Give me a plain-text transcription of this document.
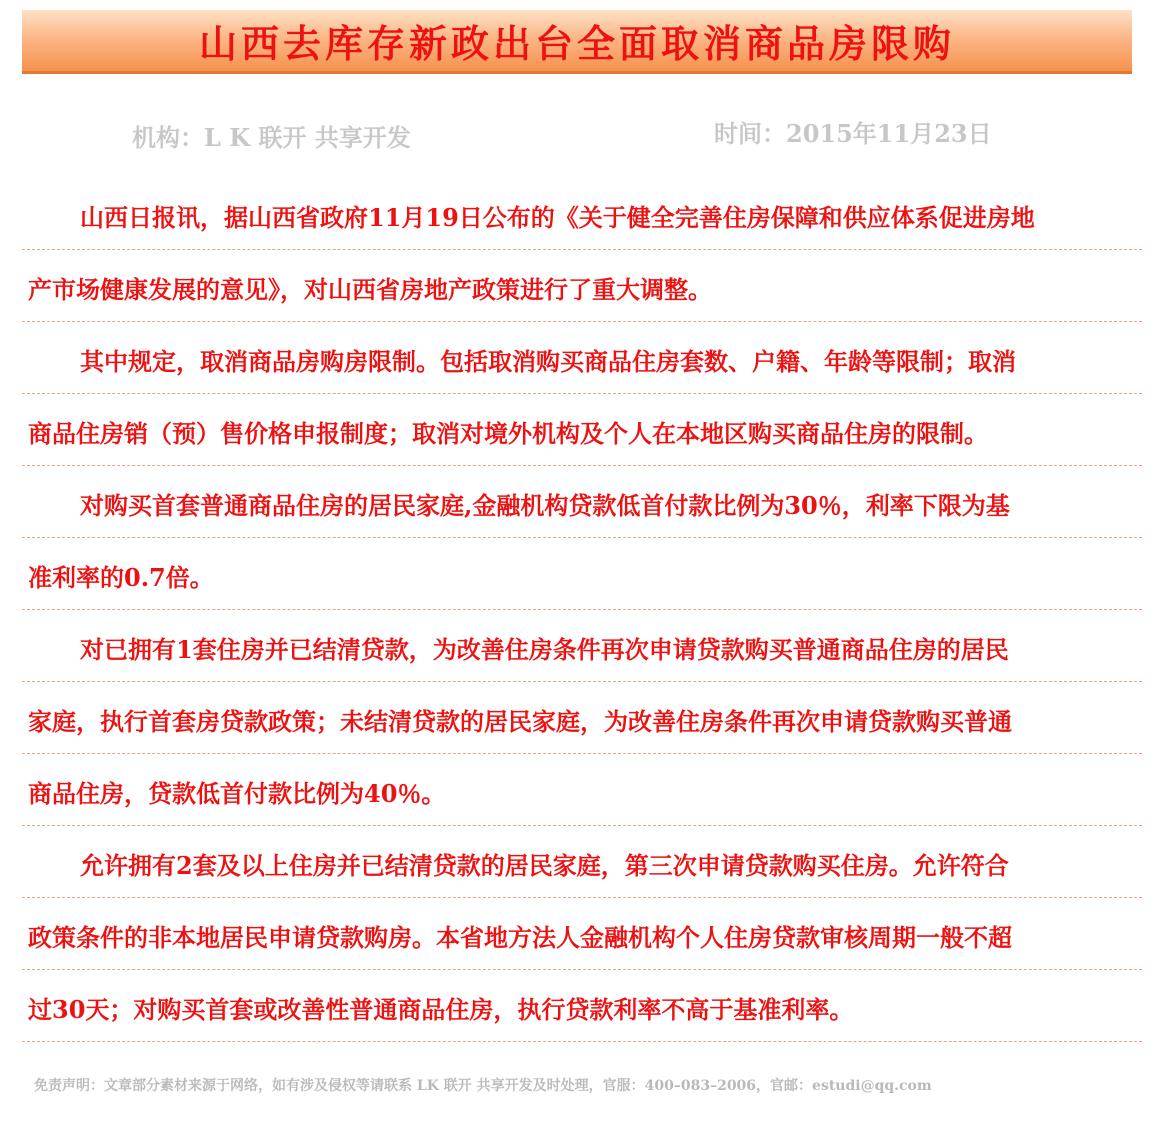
山西去库存新政出台全面取消商品房限购
机构：L K 联开 共享开发	时间：2015年11月23日
山西日报讯，据山西省政府11月19日公布的《关于健全完善住房保障和供应体系促进房地
产市场健康发展的意见》，对山西省房地产政策进行了重大调整。
其中规定，取消商品房购房限制。包括取消购买商品住房套数、户籍、年龄等限制；取消
商品住房销（预）售价格申报制度；取消对境外机构及个人在本地区购买商品住房的限制。
对购买首套普通商品住房的居民家庭,金融机构贷款低首付款比例为30％，利率下限为基
准利率的0.7倍。
对已拥有1套住房并已结清贷款，为改善住房条件再次申请贷款购买普通商品住房的居民
家庭，执行首套房贷款政策；未结清贷款的居民家庭，为改善住房条件再次申请贷款购买普通
商品住房，贷款低首付款比例为40％。
允许拥有2套及以上住房并已结清贷款的居民家庭，第三次申请贷款购买住房。允许符合
政策条件的非本地居民申请贷款购房。本省地方法人金融机构个人住房贷款审核周期一般不超
过30天；对购买首套或改善性普通商品住房，执行贷款利率不高于基准利率。
免责声明：文章部分素材来源于网络，如有涉及侵权等请联系 LK 联开 共享开发及时处理，官服：400–083–2006，官邮：estudi@qq.com
